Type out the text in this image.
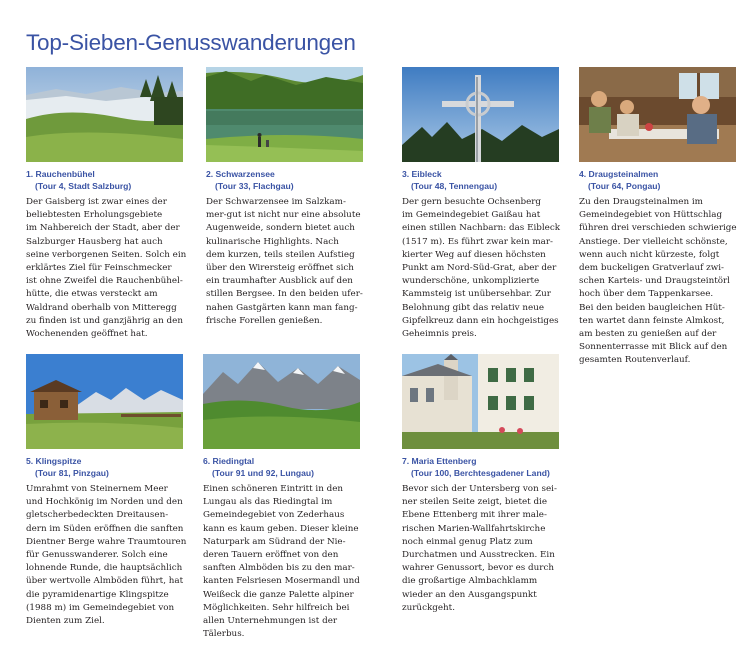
Top-Sieben-Genusswanderungen
1. Rauchenbühel
(Tour 4, Stadt Salzburg)
Der Gaisberg ist zwar eines der
beliebtesten Erholungsgebiete
im Nahbereich der Stadt, aber der
Salzburger Hausberg hat auch
seine verborgenen Seiten. Solch ein
erklärtes Ziel für Feinschmecker
ist ohne Zweifel die Rauchenbühel-
hütte, die etwas versteckt am
Waldrand oberhalb von Mitteregg
zu finden ist und ganzjährig an den
Wochenenden geöffnet hat.
2. Schwarzensee
(Tour 33, Flachgau)
Der Schwarzensee im Salzkam-
mer-gut ist nicht nur eine absolute
Augenweide, sondern bietet auch
kulinarische Highlights. Nach
dem kurzen, teils steilen Aufstieg
über den Wirersteig eröffnet sich
ein traumhafter Ausblick auf den
stillen Bergsee. In den beiden ufer-
nahen Gastgärten kann man fang-
frische Forellen genießen.
3. Eibleck
(Tour 48, Tennengau)
Der gern besuchte Ochsenberg
im Gemeindegebiet Gaißau hat
einen stillen Nachbarn: das Eibleck
(1517 m). Es führt zwar kein mar-
kierter Weg auf diesen höchsten
Punkt am Nord-Süd-Grat, aber der
wunderschöne, unkomplizierte
Kammsteig ist unübersehbar. Zur
Belohnung gibt das relativ neue
Gipfelkreuz dann ein hochgeistiges
Geheimnis preis.
4. Draugsteinalmen
(Tour 64, Pongau)
Zu den Draugsteinalmen im
Gemeindegebiet von Hüttschlag
führen drei verschieden schwierige
Anstiege. Der vielleicht schönste,
wenn auch nicht kürzeste, folgt
dem buckeligen Gratverlauf zwi-
schen Karteis- und Draugsteintörl
hoch über dem Tappenkarsee.
Bei den beiden baugleichen Hüt-
ten wartet dann feinste Almkost,
am besten zu genießen auf der
Sonnenterrasse mit Blick auf den
gesamten Routenverlauf.
5. Klingspitze
(Tour 81, Pinzgau)
Umrahmt von Steinernem Meer
und Hochkönig im Norden und den
gletscherbedeckten Dreitausen-
dern im Süden eröffnen die sanften
Dientner Berge wahre Traumtouren
für Genusswanderer. Solch eine
lohnende Runde, die hauptsächlich
über wertvolle Almböden führt, hat
die pyramidenartige Klingspitze
(1988 m) im Gemeindegebiet von
Dienten zum Ziel.
6. Riedingtal
(Tour 91 und 92, Lungau)
Einen schöneren Eintritt in den
Lungau als das Riedingtal im
Gemeindegebiet von Zederhaus
kann es kaum geben. Dieser kleine
Naturpark am Südrand der Nie-
deren Tauern eröffnet von den
sanften Almböden bis zu den mar-
kanten Felsriesen Mosermandl und
Weißeck die ganze Palette alpiner
Möglichkeiten. Sehr hilfreich bei
allen Unternehmungen ist der
Tälerbus.
7. Maria Ettenberg
(Tour 100, Berchtesgadener Land)
Bevor sich der Untersberg von sei-
ner steilen Seite zeigt, bietet die
Ebene Ettenberg mit ihrer male-
rischen Marien-Wallfahrtskirche
noch einmal genug Platz zum
Durchatmen und Ausstrecken. Ein
wahrer Genussort, bevor es durch
die großartige Almbachklamm
wieder an den Ausgangspunkt
zurückgeht.
